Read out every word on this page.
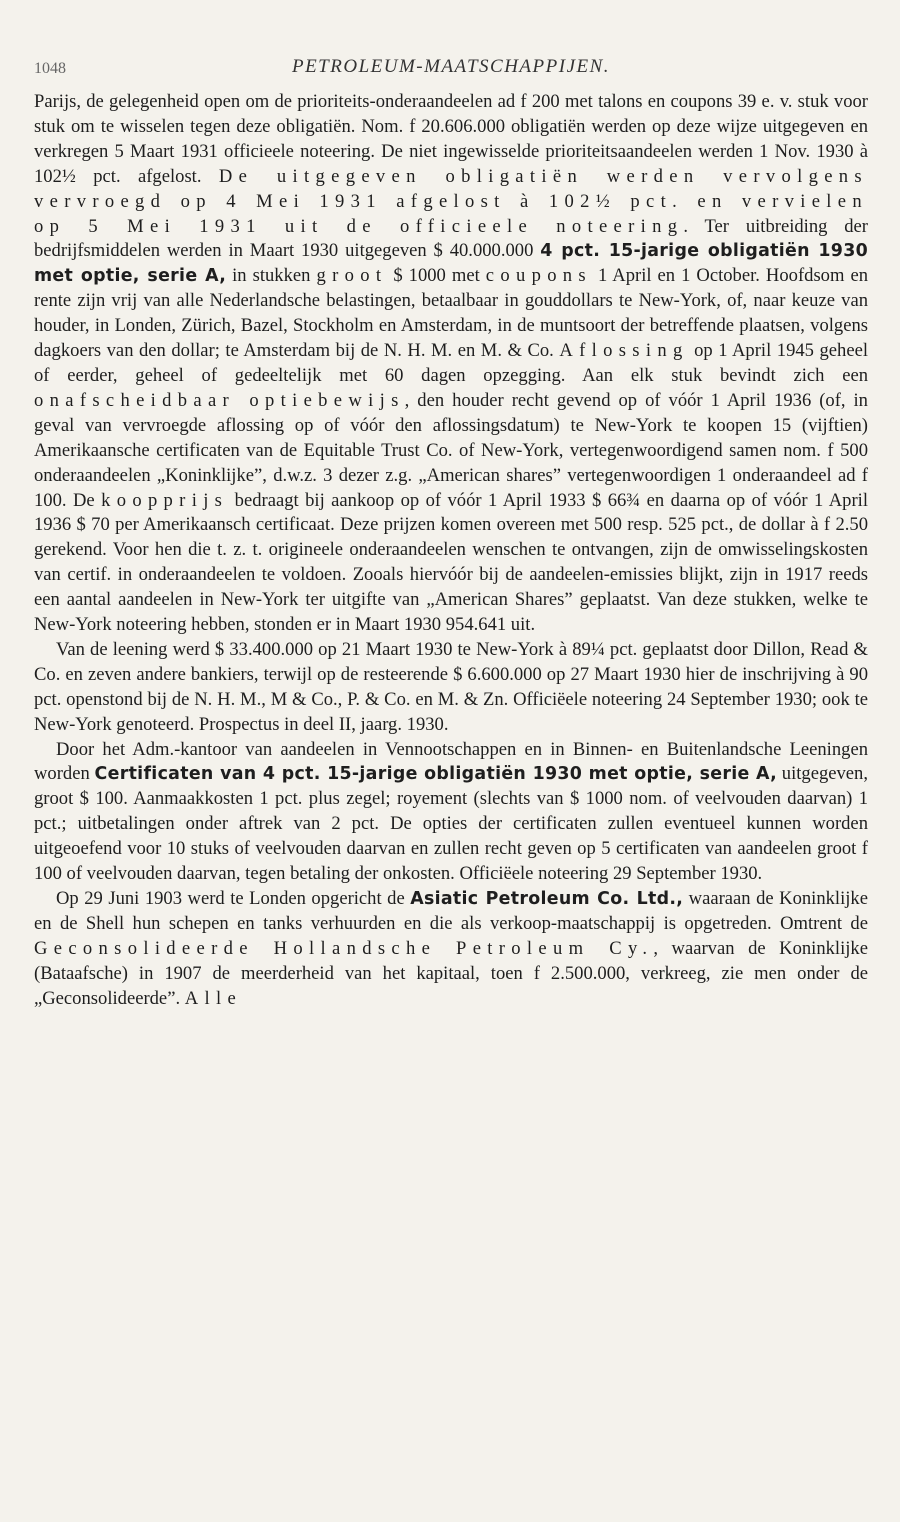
1048	PETROLEUM-MAATSCHAPPIJEN.

Parijs, de gelegenheid open om de prioriteits-onderaandeelen ad f 200 met talons en coupons 39 e. v. stuk voor stuk om te wisselen tegen deze obligatiën. Nom. f 20.606.000 obligatiën werden op deze wijze uitgegeven en verkregen 5 Maart 1931 officieele noteering. De niet ingewisselde prioriteitsaandeelen werden 1 Nov. 1930 à 102½ pct. afgelost. De uitgegeven obligatiën werden vervolgens vervroegd op 4 Mei 1931 afgelost à 102½ pct. en vervielen op 5 Mei 1931 uit de officieele noteering. Ter uitbreiding der bedrijfsmiddelen werden in Maart 1930 uitgegeven $ 40.000.000 4 pct. 15-jarige obligatiën 1930 met optie, serie A, in stukken groot $ 1000 met coupons 1 April en 1 October. Hoofdsom en rente zijn vrij van alle Nederlandsche belastingen, betaalbaar in gouddollars te New-York, of, naar keuze van houder, in Londen, Zürich, Bazel, Stockholm en Amsterdam, in de muntsoort der betreffende plaatsen, volgens dagkoers van den dollar; te Amsterdam bij de N. H. M. en M. & Co. Aflossing op 1 April 1945 geheel of eerder, geheel of gedeeltelijk met 60 dagen opzegging. Aan elk stuk bevindt zich een onafscheidbaar optiebewijs, den houder recht gevend op of vóór 1 April 1936 (of, in geval van vervroegde aflossing op of vóór den aflossingsdatum) te New-York te koopen 15 (vijftien) Amerikaansche certificaten van de Equitable Trust Co. of New-York, vertegenwoordigend samen nom. f 500 onderaandeelen „Koninklijke”, d.w.z. 3 dezer z.g. „American shares” vertegenwoordigen 1 onderaandeel ad f 100. De koopprijs bedraagt bij aankoop op of vóór 1 April 1933 $ 66¾ en daarna op of vóór 1 April 1936 $ 70 per Amerikaansch certificaat. Deze prijzen komen overeen met 500 resp. 525 pct., de dollar à f 2.50 gerekend. Voor hen die t. z. t. origineele onderaandeelen wenschen te ontvangen, zijn de omwisselingskosten van certif. in onderaandeelen te voldoen. Zooals hiervóór bij de aandeelen-emissies blijkt, zijn in 1917 reeds een aantal aandeelen in New-York ter uitgifte van „American Shares” geplaatst. Van deze stukken, welke te New-York noteering hebben, stonden er in Maart 1930 954.641 uit.

Van de leening werd $ 33.400.000 op 21 Maart 1930 te New-York à 89¼ pct. geplaatst door Dillon, Read & Co. en zeven andere bankiers, terwijl op de resteerende $ 6.600.000 op 27 Maart 1930 hier de inschrijving à 90 pct. openstond bij de N. H. M., M & Co., P. & Co. en M. & Zn. Officiëele noteering 24 September 1930; ook te New-York genoteerd. Prospectus in deel II, jaarg. 1930.

Door het Adm.-kantoor van aandeelen in Vennootschappen en in Binnen- en Buitenlandsche Leeningen worden Certificaten van 4 pct. 15-jarige obligatiën 1930 met optie, serie A, uitgegeven, groot $ 100. Aanmaakkosten 1 pct. plus zegel; royement (slechts van $ 1000 nom. of veelvouden daarvan) 1 pct.; uitbetalingen onder aftrek van 2 pct. De opties der certificaten zullen eventueel kunnen worden uitgeoefend voor 10 stuks of veelvouden daarvan en zullen recht geven op 5 certificaten van aandeelen groot f 100 of veelvouden daarvan, tegen betaling der onkosten. Officiëele noteering 29 September 1930.

Op 29 Juni 1903 werd te Londen opgericht de Asiatic Petroleum Co. Ltd., waaraan de Koninklijke en de Shell hun schepen en tanks verhuurden en die als verkoop-maatschappij is opgetreden. Omtrent de Geconsolideerde Hollandsche Petroleum Cy., waarvan de Koninklijke (Bataafsche) in 1907 de meerderheid van het kapitaal, toen f 2.500.000, verkreeg, zie men onder de „Geconsolideerde”. Alle
